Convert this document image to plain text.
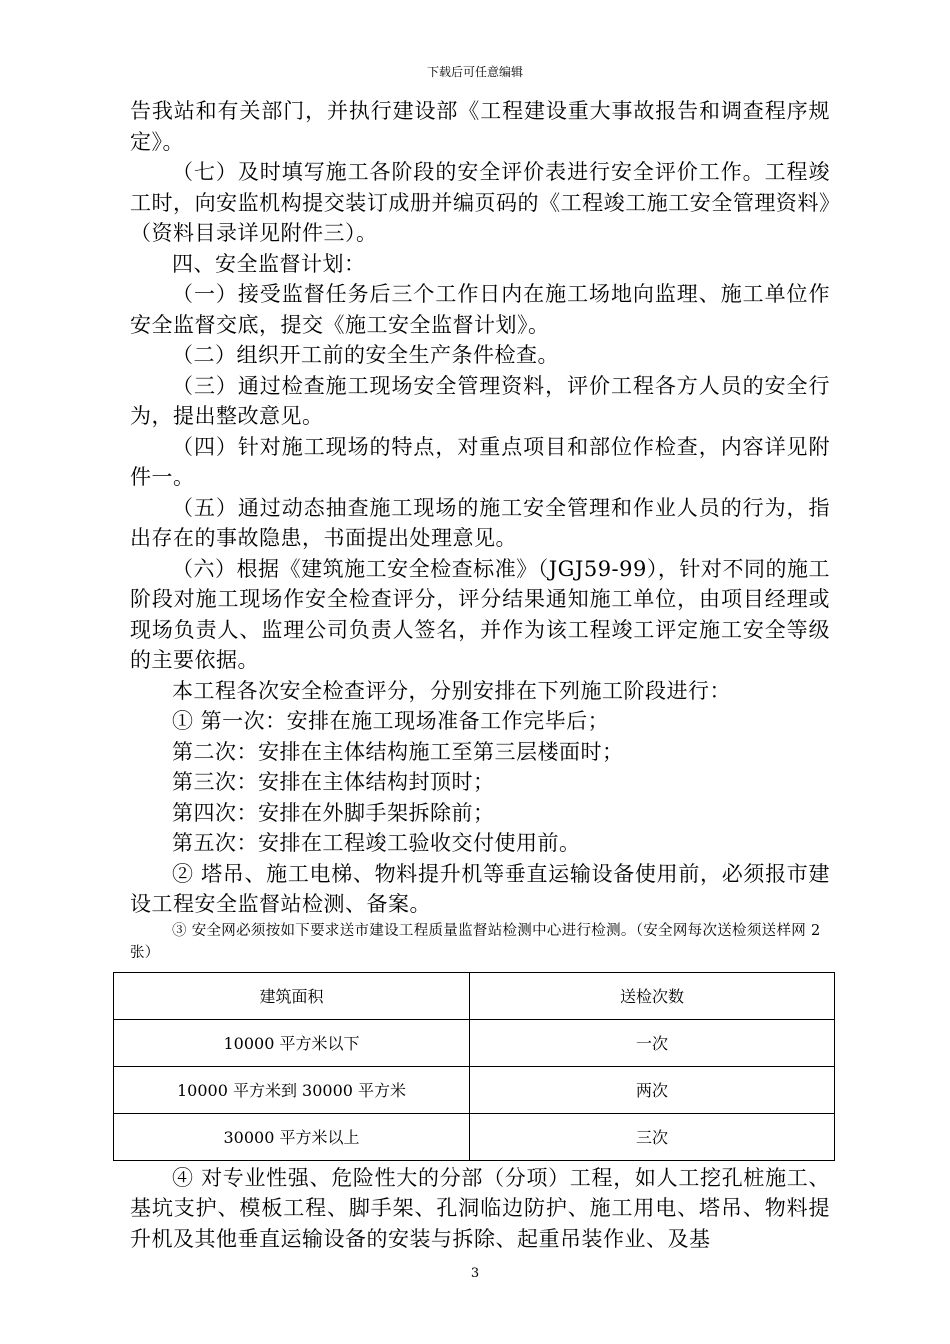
下载后可任意编辑

告我站和有关部门，并执行建设部《工程建设重大事故报告和调查程序规定》。

（七）及时填写施工各阶段的安全评价表进行安全评价工作。工程竣工时，向安监机构提交装订成册并编页码的《工程竣工施工安全管理资料》（资料目录详见附件三）。

四、安全监督计划：

（一）接受监督任务后三个工作日内在施工场地向监理、施工单位作安全监督交底，提交《施工安全监督计划》。

（二）组织开工前的安全生产条件检查。

（三）通过检查施工现场安全管理资料，评价工程各方人员的安全行为，提出整改意见。

（四）针对施工现场的特点，对重点项目和部位作检查，内容详见附件一。

（五）通过动态抽查施工现场的施工安全管理和作业人员的行为，指出存在的事故隐患，书面提出处理意见。

（六）根据《建筑施工安全检查标准》（JGJ59-99），针对不同的施工阶段对施工现场作安全检查评分，评分结果通知施工单位，由项目经理或现场负责人、监理公司负责人签名，并作为该工程竣工评定施工安全等级的主要依据。

本工程各次安全检查评分，分别安排在下列施工阶段进行：

① 第一次：安排在施工现场准备工作完毕后；

第二次：安排在主体结构施工至第三层楼面时；

第三次：安排在主体结构封顶时；

第四次：安排在外脚手架拆除前；

第五次：安排在工程竣工验收交付使用前。

② 塔吊、施工电梯、物料提升机等垂直运输设备使用前，必须报市建设工程安全监督站检测、备案。

③ 安全网必须按如下要求送市建设工程质量监督站检测中心进行检测。（安全网每次送检须送样网 2 张）

建筑面积	送检次数
10000 平方米以下	一次
10000 平方米到 30000 平方米	两次
30000 平方米以上	三次

④ 对专业性强、危险性大的分部（分项）工程，如人工挖孔桩施工、基坑支护、模板工程、脚手架、孔洞临边防护、施工用电、塔吊、物料提升机及其他垂直运输设备的安装与拆除、起重吊装作业、及基

3
